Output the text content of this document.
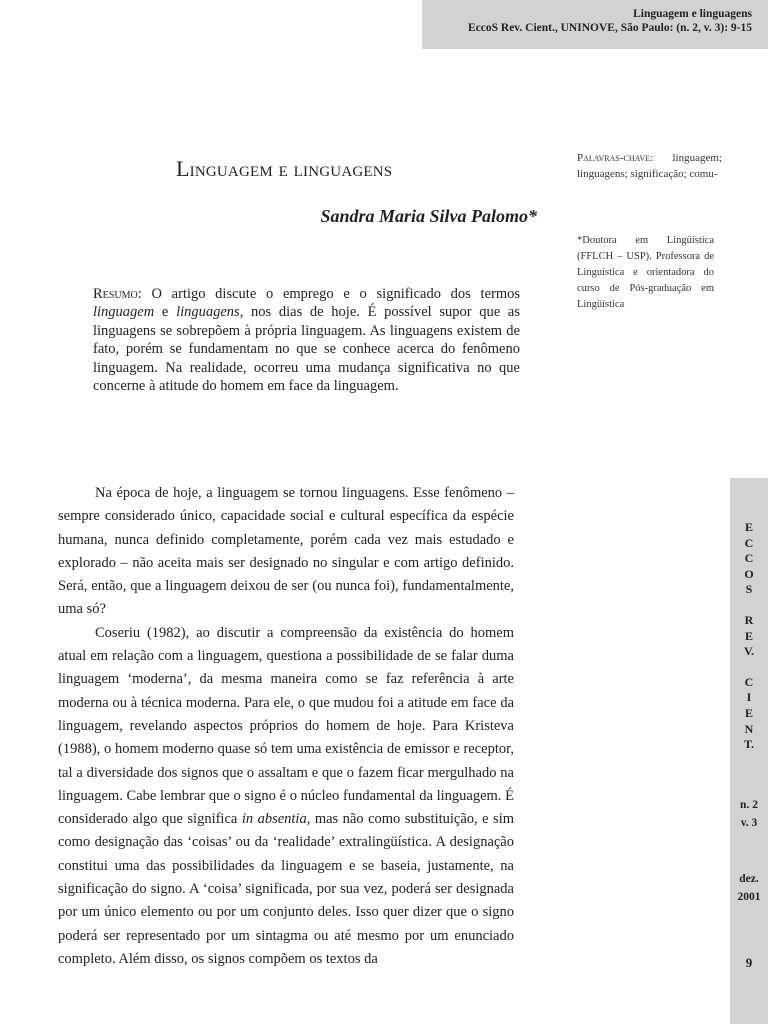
Linguagem e linguagens
EccoS Rev. Cient., UNINOVE, São Paulo: (n. 2, v. 3): 9-15
Linguagem e linguagens
Sandra Maria Silva Palomo*
Palavras-chave: linguagem; linguagens; significação; comu-
*Doutora em Lingüística (FFLCH – USP). Professora de Linguística e orientadora do curso de Pós-graduação em Lingüística
Resumo: O artigo discute o emprego e o significado dos termos linguagem e linguagens, nos dias de hoje. É possível supor que as linguagens se sobrepõem à própria linguagem. As linguagens existem de fato, porém se fundamentam no que se conhece acerca do fenômeno linguagem. Na realidade, ocorreu uma mudança significativa no que concerne à atitude do homem em face da linguagem.

Na época de hoje, a linguagem se tornou linguagens. Esse fenômeno – sempre considerado único, capacidade social e cultural específica da espécie humana, nunca definido completamente, porém cada vez mais estudado e explorado – não aceita mais ser designado no singular e com artigo definido. Será, então, que a linguagem deixou de ser (ou nunca foi), fundamentalmente, uma só?

Coseriu (1982), ao discutir a compreensão da existência do homem atual em relação com a linguagem, questiona a possibilidade de se falar duma linguagem ‘moderna’, da mesma maneira como se faz referência à arte moderna ou à técnica moderna. Para ele, o que mudou foi a atitude em face da linguagem, revelando aspectos próprios do homem de hoje. Para Kristeva (1988), o homem moderno quase só tem uma existência de emissor e receptor, tal a diversidade dos signos que o assaltam e que o fazem ficar mergulhado na linguagem. Cabe lembrar que o signo é o núcleo fundamental da linguagem. É considerado algo que significa in absentia, mas não como substituição, e sim como designação das ‘coisas’ ou da ‘realidade’ extralingüística. A designação constitui uma das possibilidades da linguagem e se baseia, justamente, na significação do signo. A ‘coisa’ significada, por sua vez, poderá ser designada por um único elemento ou por um conjunto deles. Isso quer dizer que o signo poderá ser representado por um sintagma ou até mesmo por um enunciado completo. Além disso, os signos compõem os textos da

E
C
C
O
S
R
E
V.
C
I
E
N
T.
n. 2
v. 3
dez.
2001
9
